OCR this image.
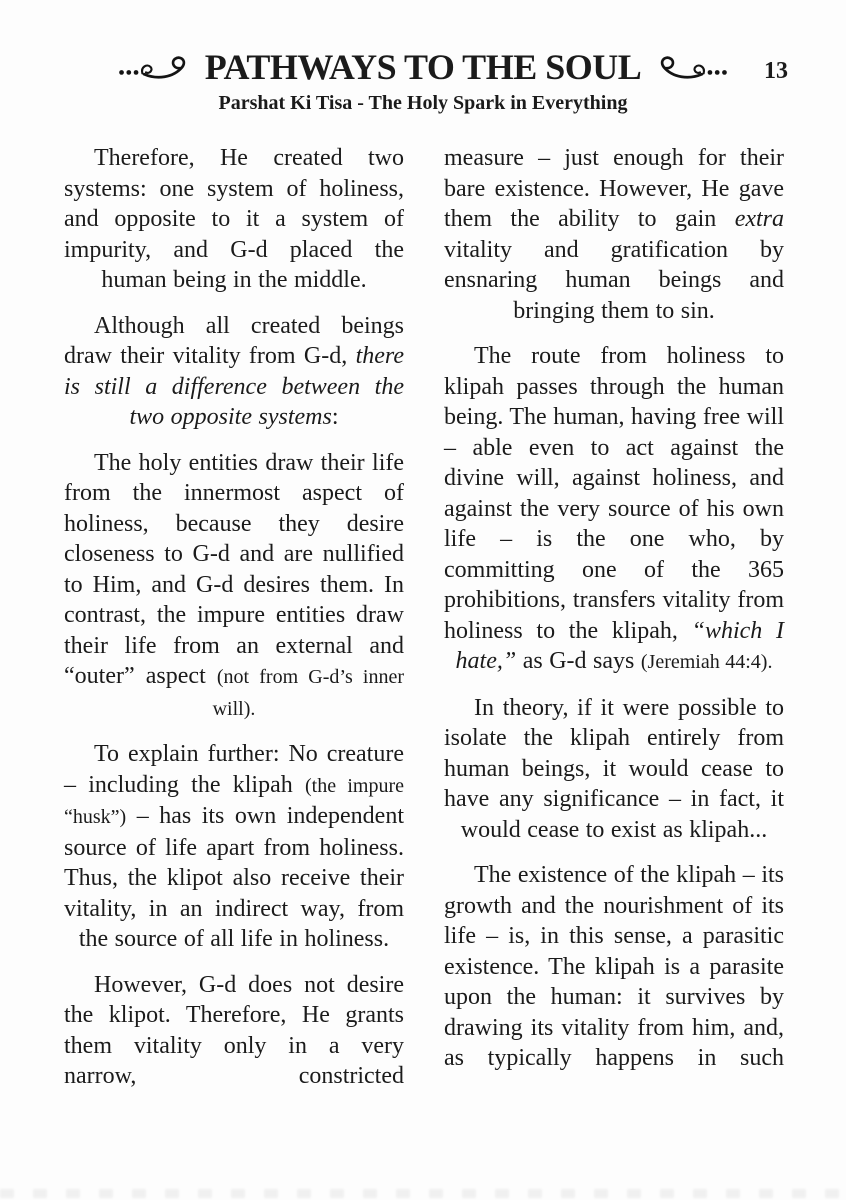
PATHWAYS TO THE SOUL	13
Parshat Ki Tisa - The Holy Spark in Everything

Therefore, He created two systems: one system of holiness, and opposite to it a system of impurity, and G-d placed the human being in the middle.

Although all created beings draw their vitality from G-d, there is still a difference between the two opposite systems:

The holy entities draw their life from the innermost aspect of holiness, because they desire closeness to G-d and are nullified to Him, and G-d desires them. In contrast, the impure entities draw their life from an external and “outer” aspect (not from G-d’s inner will).

To explain further: No creature – including the klipah (the impure “husk”) – has its own independent source of life apart from holiness. Thus, the klipot also receive their vitality, in an indirect way, from the source of all life in holiness.

However, G-d does not desire the klipot. Therefore, He grants them vitality only in a very narrow, constricted

measure – just enough for their bare existence. However, He gave them the ability to gain extra vitality and gratification by ensnaring human beings and bringing them to sin.

The route from holiness to klipah passes through the human being. The human, having free will – able even to act against the divine will, against holiness, and against the very source of his own life – is the one who, by committing one of the 365 prohibitions, transfers vitality from holiness to the klipah, “which I hate,” as G-d says (Jeremiah 44:4).

In theory, if it were possible to isolate the klipah entirely from human beings, it would cease to have any significance – in fact, it would cease to exist as klipah...

The existence of the klipah – its growth and the nourishment of its life – is, in this sense, a parasitic existence. The klipah is a parasite upon the human: it survives by drawing its vitality from him, and, as typically happens in such
